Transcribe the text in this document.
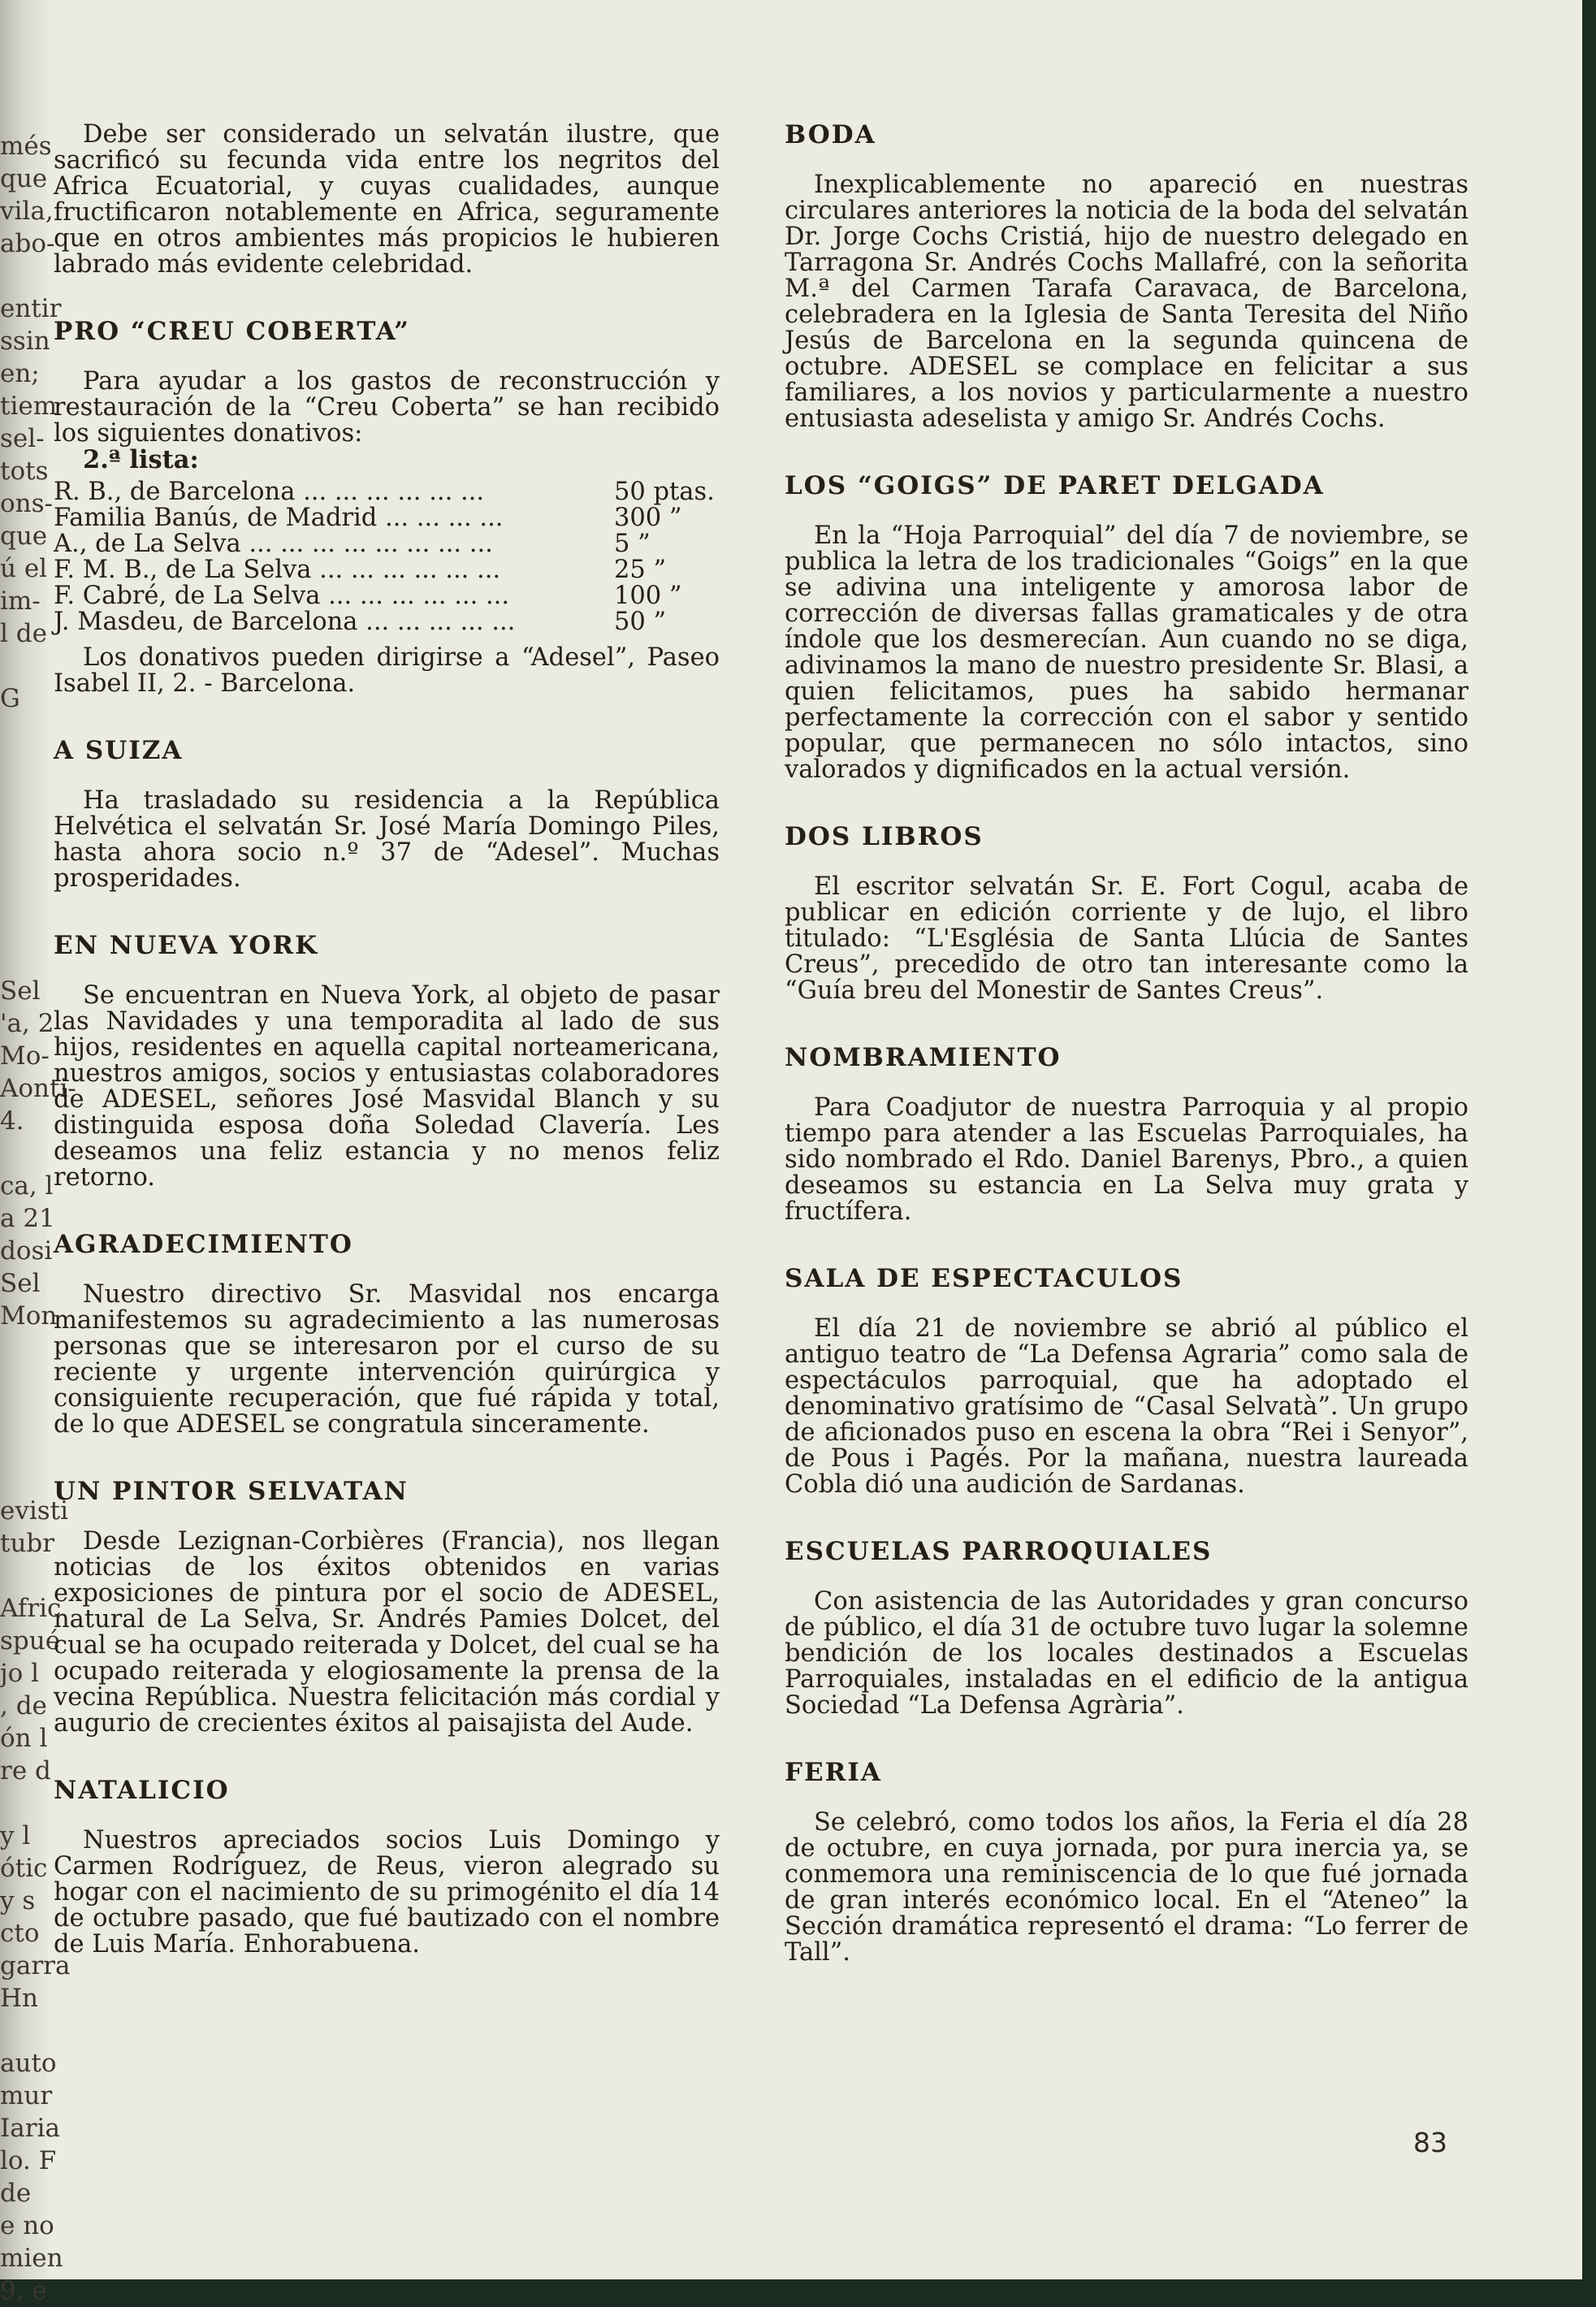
més
que
vila,
abo-

entir
ssin
en;
tiem
sel-
tots
ons-
que
ú el
im-
l de

G

Sel
'a, 2
Mo-
Aonti-
4.

ca, l
a 21
dosi
Sel
Mon

evisti
tubr

Afric
spué
jo l
, de
ón l
re d

y l
ótic
y s
cto
garra
Hn

auto
mur
Iaria
lo. F
de
e no
mien
9, e

Debe ser considerado un selvatán ilustre, que sacrificó su fecunda vida entre los negritos del Africa Ecuatorial, y cuyas cualidades, aunque fructificaron notablemente en Africa, seguramente que en otros ambientes más propicios le hubieren labrado más evidente celebridad.

PRO “CREU COBERTA”

Para ayudar a los gastos de reconstrucción y restauración de la “Creu Coberta” se han recibido los siguientes donativos:

2.ª lista:
R. B., de Barcelona ... ... ... ... ... ...	50 ptas.
Familia Banús, de Madrid ... ... ... ...	300 ”
A., de La Selva ... ... ... ... ... ... ... ...	5 ”
F. M. B., de La Selva ... ... ... ... ... ...	25 ”
F. Cabré, de La Selva ... ... ... ... ... ...	100 ”
J. Masdeu, de Barcelona ... ... ... ... ...	50 ”

Los donativos pueden dirigirse a “Adesel”, Paseo Isabel II, 2. - Barcelona.

A SUIZA

Ha trasladado su residencia a la República Helvética el selvatán Sr. José María Domingo Piles, hasta ahora socio n.º 37 de “Adesel”. Muchas prosperidades.

EN NUEVA YORK

Se encuentran en Nueva York, al objeto de pasar las Navidades y una temporadita al lado de sus hijos, residentes en aquella capital norteamericana, nuestros amigos, socios y entusiastas colaboradores de ADESEL, señores José Masvidal Blanch y su distinguida esposa doña Soledad Clavería. Les deseamos una feliz estancia y no menos feliz retorno.

AGRADECIMIENTO

Nuestro directivo Sr. Masvidal nos encarga manifestemos su agradecimiento a las numerosas personas que se interesaron por el curso de su reciente y urgente intervención quirúrgica y consiguiente recuperación, que fué rápida y total, de lo que ADESEL se congratula sinceramente.

UN PINTOR SELVATAN

Desde Lezignan-Corbières (Francia), nos llegan noticias de los éxitos obtenidos en varias exposiciones de pintura por el socio de ADESEL, natural de La Selva, Sr. Andrés Pamies Dolcet, del cual se ha ocupado reiterada y Dolcet, del cual se ha ocupado reiterada y elogiosamente la prensa de la vecina República. Nuestra felicitación más cordial y augurio de crecientes éxitos al paisajista del Aude.

NATALICIO

Nuestros apreciados socios Luis Domingo y Carmen Rodríguez, de Reus, vieron alegrado su hogar con el nacimiento de su primogénito el día 14 de octubre pasado, que fué bautizado con el nombre de Luis María. Enhorabuena.

BODA

Inexplicablemente no apareció en nuestras circulares anteriores la noticia de la boda del selvatán Dr. Jorge Cochs Cristiá, hijo de nuestro delegado en Tarragona Sr. Andrés Cochs Mallafré, con la señorita M.ª del Carmen Tarafa Caravaca, de Barcelona, celebradera en la Iglesia de Santa Teresita del Niño Jesús de Barcelona en la segunda quincena de octubre. ADESEL se complace en felicitar a sus familiares, a los novios y particularmente a nuestro entusiasta adeselista y amigo Sr. Andrés Cochs.

LOS “GOIGS” DE PARET DELGADA

En la “Hoja Parroquial” del día 7 de noviembre, se publica la letra de los tradicionales “Goigs” en la que se adivina una inteligente y amorosa labor de corrección de diversas fallas gramaticales y de otra índole que los desmerecían. Aun cuando no se diga, adivinamos la mano de nuestro presidente Sr. Blasi, a quien felicitamos, pues ha sabido hermanar perfectamente la corrección con el sabor y sentido popular, que permanecen no sólo intactos, sino valorados y dignificados en la actual versión.

DOS LIBROS

El escritor selvatán Sr. E. Fort Cogul, acaba de publicar en edición corriente y de lujo, el libro titulado: “L'Església de Santa Llúcia de Santes Creus”, precedido de otro tan interesante como la “Guía breu del Monestir de Santes Creus”.

NOMBRAMIENTO

Para Coadjutor de nuestra Parroquia y al propio tiempo para atender a las Escuelas Parroquiales, ha sido nombrado el Rdo. Daniel Barenys, Pbro., a quien deseamos su estancia en La Selva muy grata y fructífera.

SALA DE ESPECTACULOS

El día 21 de noviembre se abrió al público el antiguo teatro de “La Defensa Agraria” como sala de espectáculos parroquial, que ha adoptado el denominativo gratísimo de “Casal Selvatà”. Un grupo de aficionados puso en escena la obra “Rei i Senyor”, de Pous i Pagés. Por la mañana, nuestra laureada Cobla dió una audición de Sardanas.

ESCUELAS PARROQUIALES

Con asistencia de las Autoridades y gran concurso de público, el día 31 de octubre tuvo lugar la solemne bendición de los locales destinados a Escuelas Parroquiales, instaladas en el edificio de la antigua Sociedad “La Defensa Agrària”.

FERIA

Se celebró, como todos los años, la Feria el día 28 de octubre, en cuya jornada, por pura inercia ya, se conmemora una reminiscencia de lo que fué jornada de gran interés económico local. En el “Ateneo” la Sección dramática representó el drama: “Lo ferrer de Tall”.

83
